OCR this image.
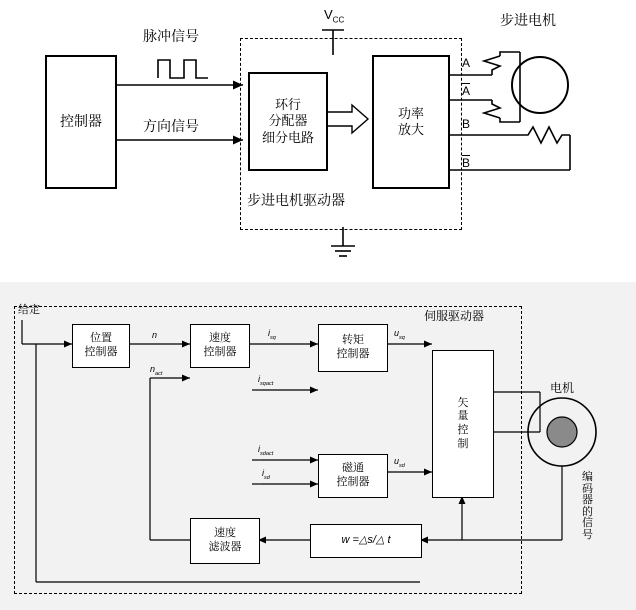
控制器
环行
分配器
细分电路
功率
放大
脉冲信号
方向信号
步进电机驱动器
步进电机
$V_{CC}$
A
A
B
B
位置
控制器
速度
控制器
转矩
控制器
磁通
控制器
矢
量
控
制
速度
滤波器
w =△s/△ t
给定	伺服驱动器
电机
编
码
器
的
信
号
n
$n_{act}$
$i_{sq}$
$i_{sqact}$
$u_{sq}$
$i_{sdact}$
$i_{sd}$
$u_{sd}$
